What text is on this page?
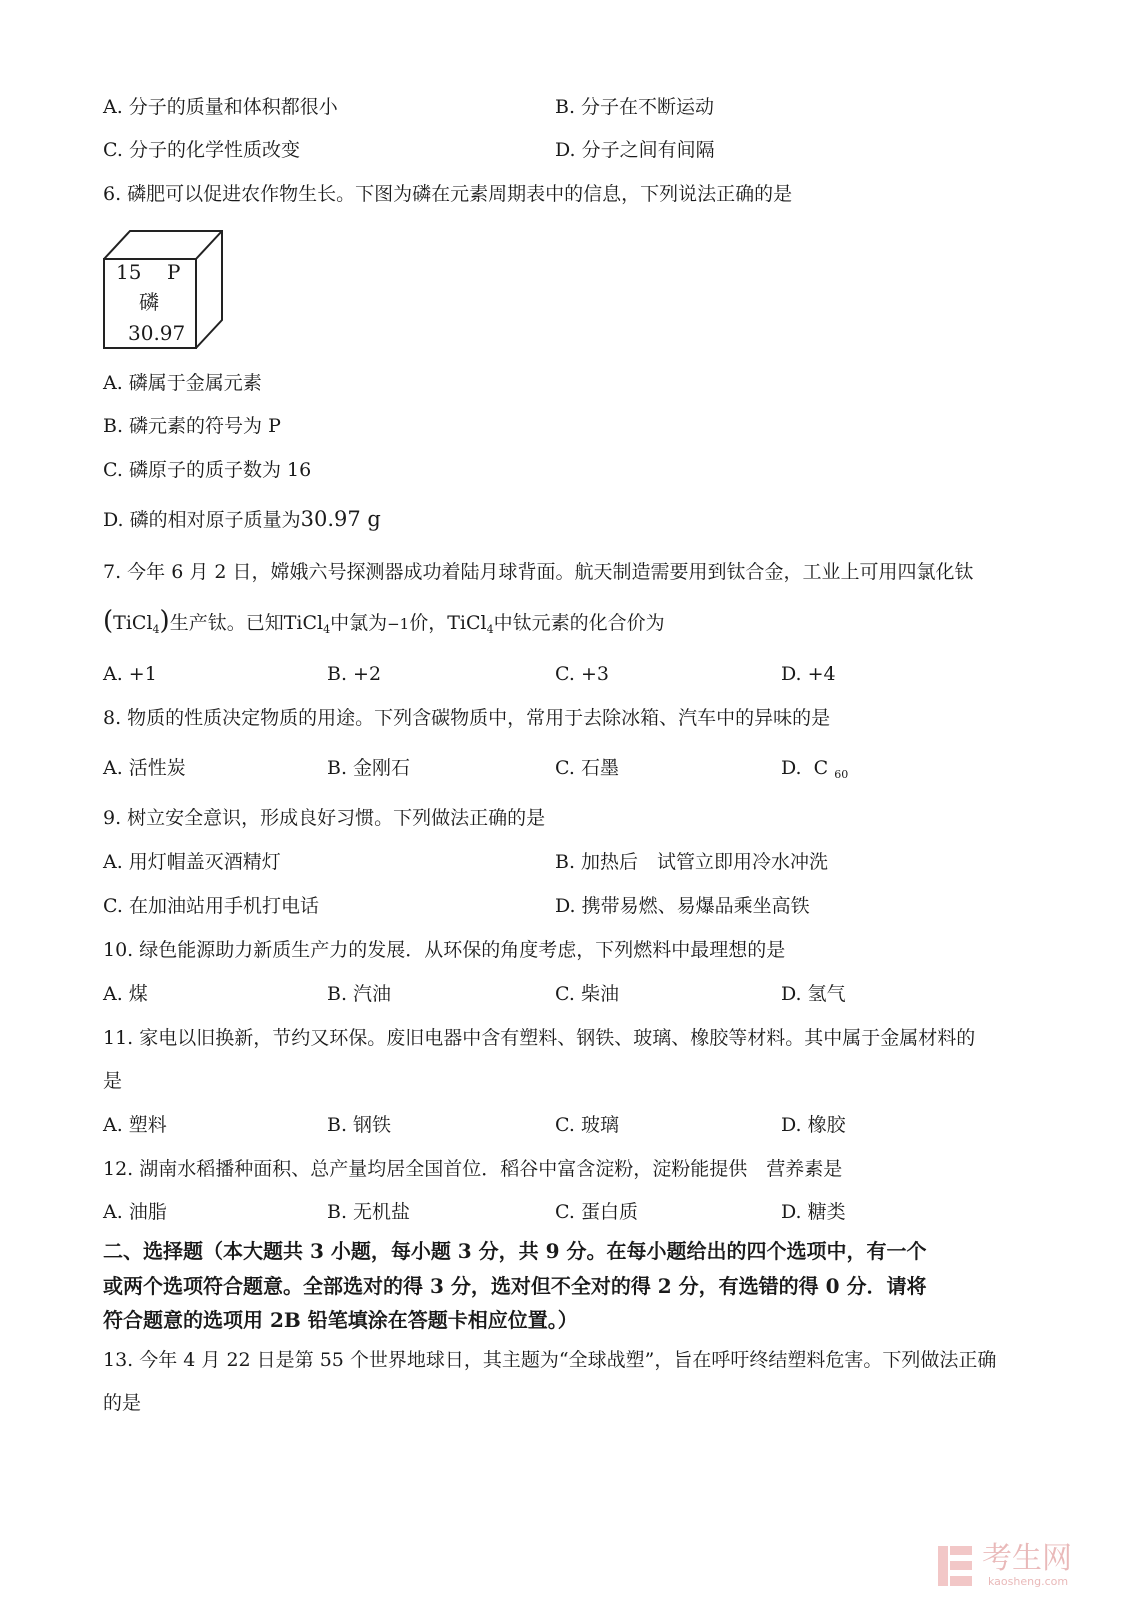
A. 分子的质量和体积都很小	B. 分子在不断运动
C. 分子的化学性质改变	D. 分子之间有间隔
6. 磷肥可以促进农作物生长。下图为磷在元素周期表中的信息，下列说法正确的是
15 P
磷
30.97
A. 磷属于金属元素
B. 磷元素的符号为 P
C. 磷原子的质子数为 16
D. 磷的相对原子质量为30.97 g
7. 今年 6 月 2 日，嫦娥六号探测器成功着陆月球背面。航天制造需要用到钛合金，工业上可用四氯化钛
(TiCl$_4$)生产钛。已知TiCl$_4$中氯为−1价，TiCl$_4$中钛元素的化合价为
A. +1	B. +2	C. +3	D. +4
8. 物质的性质决定物质的用途。下列含碳物质中，常用于去除冰箱、汽车中的异味的是
A. 活性炭	B. 金刚石	C. 石墨	D. C $_{60}$
9. 树立安全意识，形成良好习惯。下列做法正确的是
A. 用灯帽盖灭酒精灯	B. 加热后　试管立即用冷水冲洗
C. 在加油站用手机打电话	D. 携带易燃、易爆品乘坐高铁
10. 绿色能源助力新质生产力的发展．从环保的角度考虑，下列燃料中最理想的是
A. 煤	B. 汽油	C. 柴油	D. 氢气
11. 家电以旧换新，节约又环保。废旧电器中含有塑料、钢铁、玻璃、橡胶等材料。其中属于金属材料的
是
A. 塑料	B. 钢铁	C. 玻璃	D. 橡胶
12. 湖南水稻播种面积、总产量均居全国首位．稻谷中富含淀粉，淀粉能提供　营养素是
A. 油脂	B. 无机盐	C. 蛋白质	D. 糖类
二、选择题（本大题共 3 小题，每小题 3 分，共 9 分。在每小题给出的四个选项中，有一个
或两个选项符合题意。全部选对的得 3 分，选对但不全对的得 2 分，有选错的得 0 分．请将
符合题意的选项用 2B 铅笔填涂在答题卡相应位置。）
13. 今年 4 月 22 日是第 55 个世界地球日，其主题为“全球战塑”，旨在呼吁终结塑料危害。下列做法正确
的是
考生网
kaosheng.com
